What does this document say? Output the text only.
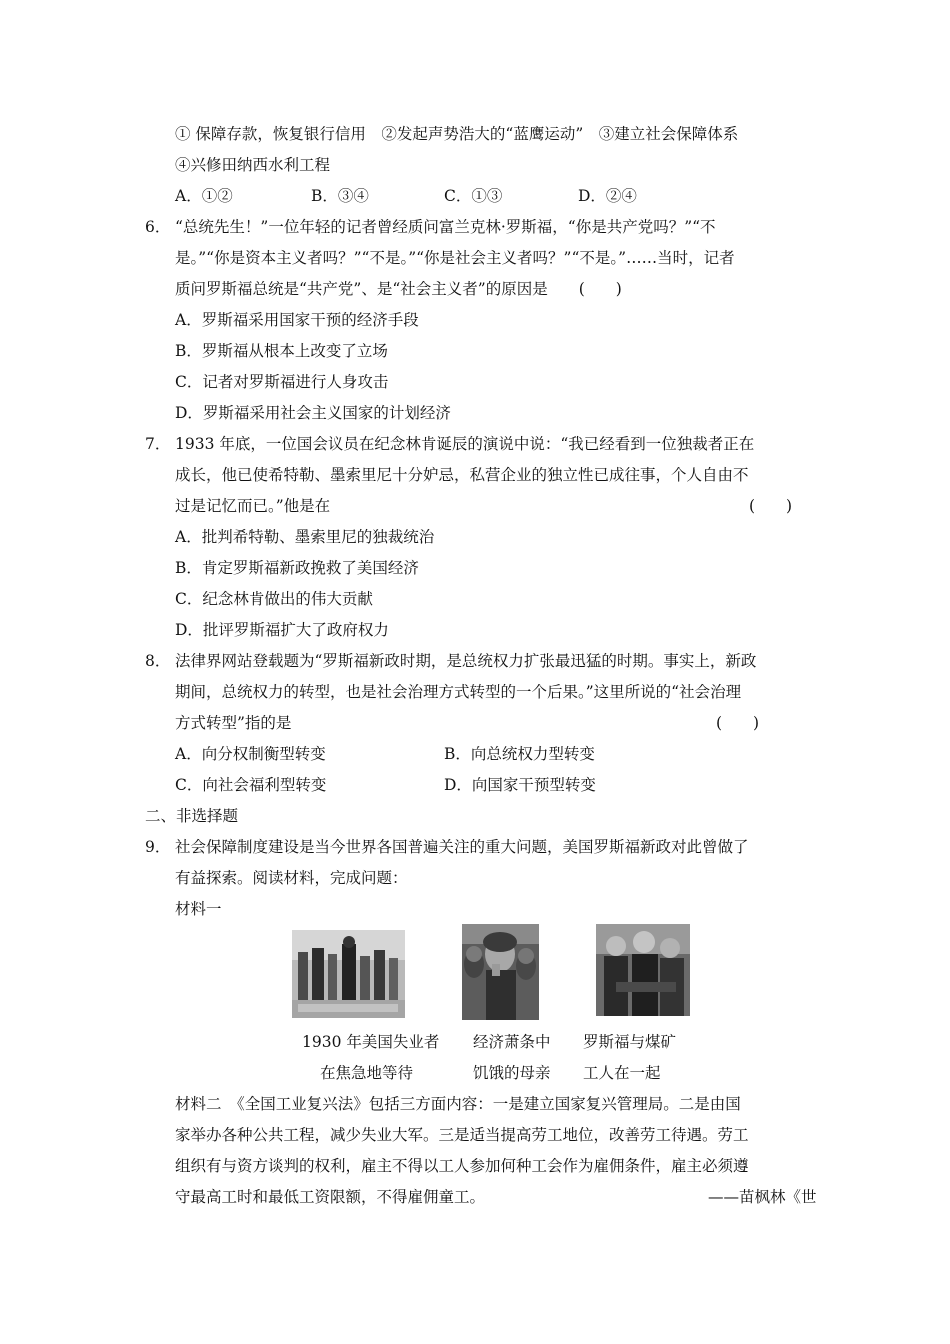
① 保障存款，恢复银行信用　②发起声势浩大的“蓝鹰运动”　③建立社会保障体系
④兴修田纳西水利工程
A．①②	B．③④	C．①③	D．②④
6． “总统先生！”一位年轻的记者曾经质问富兰克林·罗斯福，“你是共产党吗？”“不
是。”“你是资本主义者吗？”“不是。”“你是社会主义者吗？”“不是。”……当时，记者
质问罗斯福总统是“共产党”、是“社会主义者”的原因是　　(　　)
A．罗斯福采用国家干预的经济手段
B．罗斯福从根本上改变了立场
C．记者对罗斯福进行人身攻击
D．罗斯福采用社会主义国家的计划经济
7． 1933 年底，一位国会议员在纪念林肯诞辰的演说中说：“我已经看到一位独裁者正在
成长，他已使希特勒、墨索里尼十分妒忌，私营企业的独立性已成往事，个人自由不
过是记忆而已。”他是在	(　　)
A．批判希特勒、墨索里尼的独裁统治
B．肯定罗斯福新政挽救了美国经济
C．纪念林肯做出的伟大贡献
D．批评罗斯福扩大了政府权力
8． 法律界网站登载题为“罗斯福新政时期，是总统权力扩张最迅猛的时期。事实上，新政
期间，总统权力的转型，也是社会治理方式转型的一个后果。”这里所说的“社会治理
方式转型”指的是	(　　)
A．向分权制衡型转变	B．向总统权力型转变
C．向社会福利型转变	D．向国家干预型转变
二、非选择题
9． 社会保障制度建设是当今世界各国普遍关注的重大问题，美国罗斯福新政对此曾做了
有益探索。阅读材料，完成问题：
材料一
1930 年美国失业者
在焦急地等待
经济萧条中
饥饿的母亲
罗斯福与煤矿
工人在一起
材料二　《全国工业复兴法》包括三方面内容：一是建立国家复兴管理局。二是由国
家举办各种公共工程，减少失业大军。三是适当提高劳工地位，改善劳工待遇。劳工
组织有与资方谈判的权利，雇主不得以工人参加何种工会作为雇佣条件，雇主必须遵
守最高工时和最低工资限额，不得雇佣童工。	——苗枫林《世
